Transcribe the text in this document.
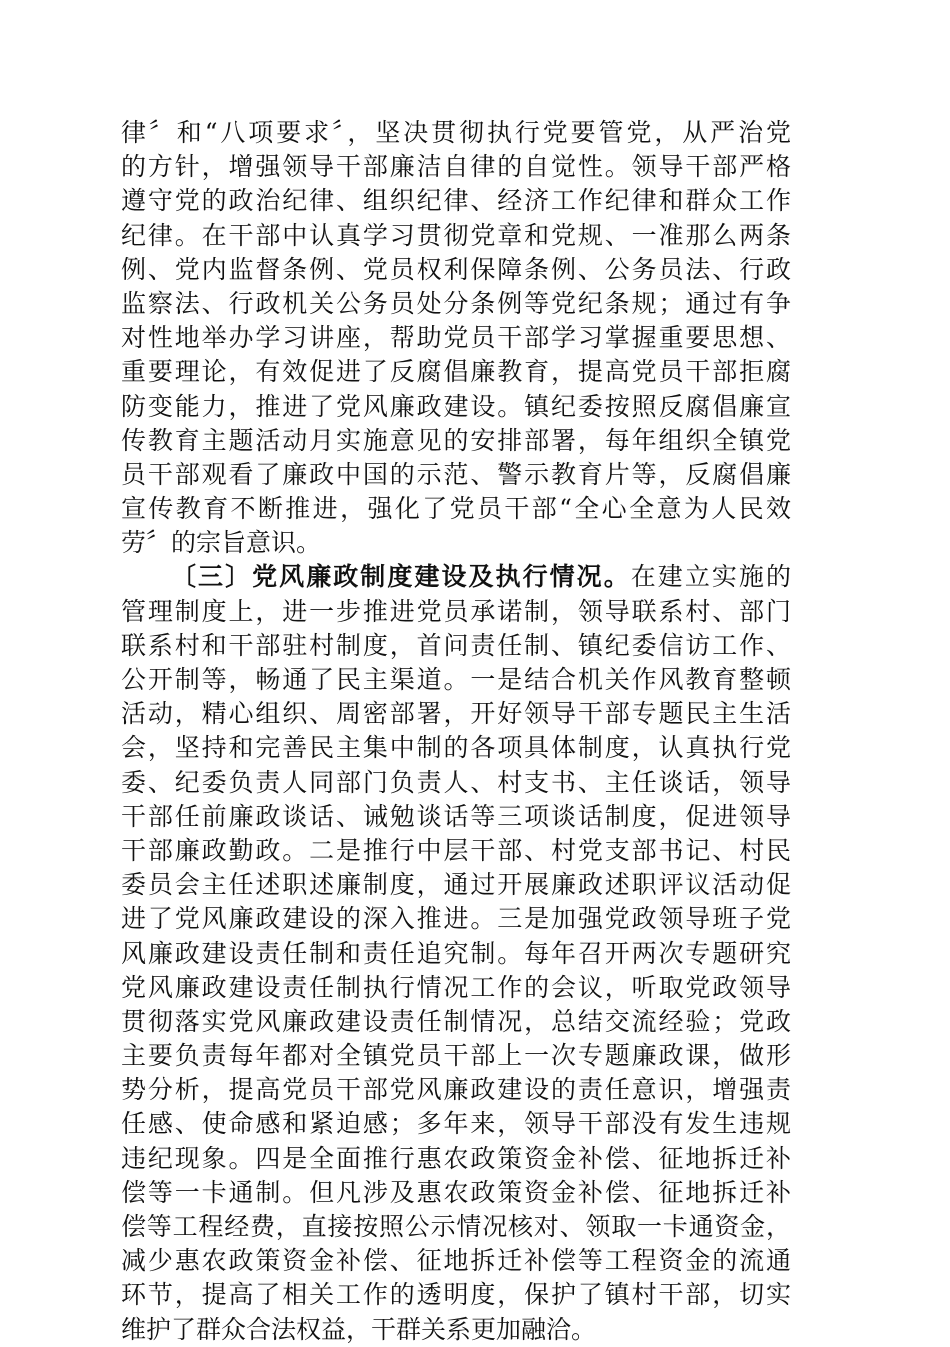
律〞和“八项要求〞，坚决贯彻执行党要管党，从严治党
的方针，增强领导干部廉洁自律的自觉性。领导干部严格
遵守党的政治纪律、组织纪律、经济工作纪律和群众工作
纪律。在干部中认真学习贯彻党章和党规、一准那么两条
例、党内监督条例、党员权利保障条例、公务员法、行政
监察法、行政机关公务员处分条例等党纪条规；通过有争
对性地举办学习讲座，帮助党员干部学习掌握重要思想、
重要理论，有效促进了反腐倡廉教育，提高党员干部拒腐
防变能力，推进了党风廉政建设。镇纪委按照反腐倡廉宣
传教育主题活动月实施意见的安排部署，每年组织全镇党
员干部观看了廉政中国的示范、警示教育片等，反腐倡廉
宣传教育不断推进，强化了党员干部“全心全意为人民效
劳〞的宗旨意识。
〔三〕党风廉政制度建设及执行情况。在建立实施的
管理制度上，进一步推进党员承诺制，领导联系村、部门
联系村和干部驻村制度，首问责任制、镇纪委信访工作、
公开制等，畅通了民主渠道。一是结合机关作风教育整顿
活动，精心组织、周密部署，开好领导干部专题民主生活
会，坚持和完善民主集中制的各项具体制度，认真执行党
委、纪委负责人同部门负责人、村支书、主任谈话，领导
干部任前廉政谈话、诫勉谈话等三项谈话制度，促进领导
干部廉政勤政。二是推行中层干部、村党支部书记、村民
委员会主任述职述廉制度，通过开展廉政述职评议活动促
进了党风廉政建设的深入推进。三是加强党政领导班子党
风廉政建设责任制和责任追究制。每年召开两次专题研究
党风廉政建设责任制执行情况工作的会议，听取党政领导
贯彻落实党风廉政建设责任制情况，总结交流经验；党政
主要负责每年都对全镇党员干部上一次专题廉政课，做形
势分析，提高党员干部党风廉政建设的责任意识，增强责
任感、使命感和紧迫感；多年来，领导干部没有发生违规
违纪现象。四是全面推行惠农政策资金补偿、征地拆迁补
偿等一卡通制。但凡涉及惠农政策资金补偿、征地拆迁补
偿等工程经费，直接按照公示情况核对、领取一卡通资金，
减少惠农政策资金补偿、征地拆迁补偿等工程资金的流通
环节，提高了相关工作的透明度，保护了镇村干部，切实
维护了群众合法权益，干群关系更加融洽。
